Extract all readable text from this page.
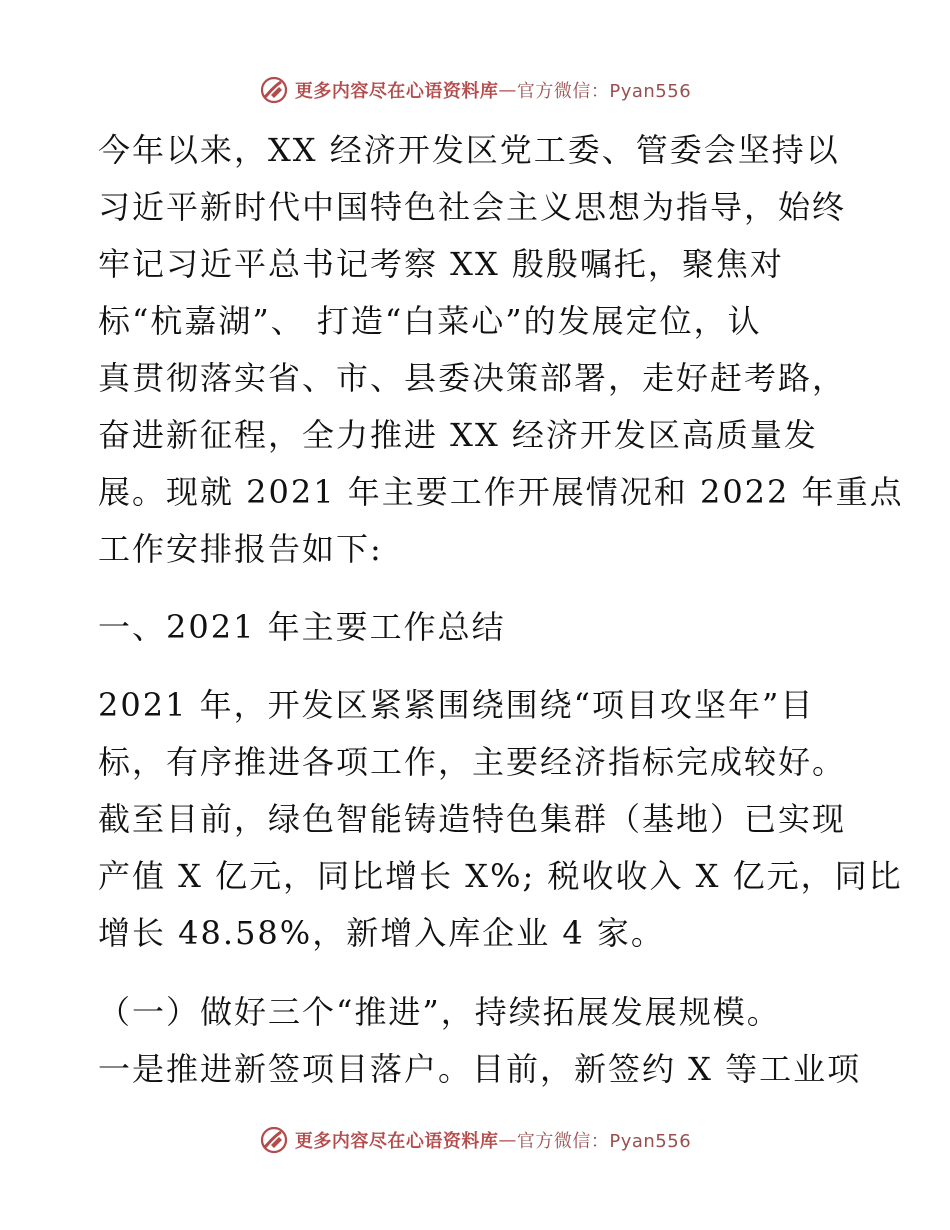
更多内容尽在心语资料库 — 官方微信：Pyan556
今年以来，XX 经济开发区党工委、管委会坚持以
习近平新时代中国特色社会主义思想为指导，始终
牢记习近平总书记考察 XX 殷殷嘱托，聚焦对
标“杭嘉湖”、 打造“白菜心”的发展定位，认
真贯彻落实省、市、县委决策部署，走好赶考路，
奋进新征程，全力推进 XX 经济开发区高质量发
展。现就 2021 年主要工作开展情况和 2022 年重点
工作安排报告如下:
一、2021 年主要工作总结
2021 年，开发区紧紧围绕围绕“项目攻坚年”目
标，有序推进各项工作，主要经济指标完成较好。
截至目前，绿色智能铸造特色集群（基地）已实现
产值 X 亿元，同比增长 X%; 税收收入 X 亿元，同比
增长 48.58%，新增入库企业 4 家。
（一）做好三个“推进”，持续拓展发展规模。
一是推进新签项目落户。目前，新签约 X 等工业项
更多内容尽在心语资料库 — 官方微信：Pyan556
